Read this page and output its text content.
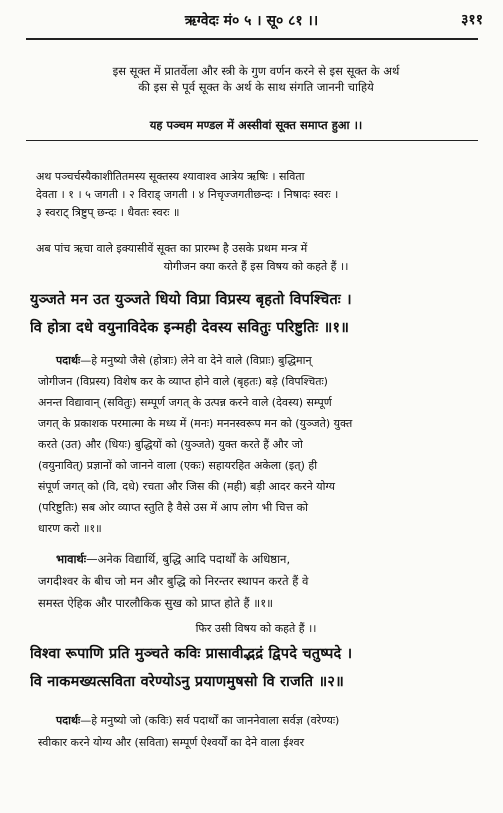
ऋग्वेदः मं० ५ । सू० ८१ ।।	३११
इस सूक्त में प्रातर्वेला और स्त्री के गुण वर्णन करने से इस सूक्त के अर्थ
की इस से पूर्व सूक्त के अर्थ के साथ संगति जाननी चाहिये
यह पञ्चम मण्डल में अस्सीवां सूक्त समाप्त हुआ ।।
अथ पञ्चर्चस्यैकाशीतितमस्य सूक्तस्य श्यावाश्व आत्रेय ऋषिः । सविता
देवता । १ । ५ जगती । २ विराड् जगती । ४ निचृज्जगतीछन्दः । निषादः स्वरः ।
३ स्वराट् त्रिष्टुप् छन्दः । धैवतः स्वरः ॥
अब पांच ऋचा वाले इक्यासीवें सूक्त का प्रारम्भ है उसके प्रथम मन्त्र में
योगीजन क्या करते हैं इस विषय को कहते हैं ।।
युञ्जते मन उत युञ्जते धियो विप्रा विप्रस्य बृहतो विपश्चितः ।
वि होत्रा दधे वयुनाविदेक इन्मही देवस्य सवितुः परिष्टुतिः ॥१॥
पदार्थः—हे मनुष्यो जैसे (होत्राः) लेने वा देने वाले (विप्राः) बुद्धिमान्
जोगीजन (विप्रस्य) विशेष कर के व्याप्त होने वाले (बृहतः) बड़े (विपश्चितः)
अनन्त विद्यावान् (सवितुः) सम्पूर्ण जगत् के उत्पन्न करने वाले (देवस्य) सम्पूर्ण
जगत् के प्रकाशक परमात्मा के मध्य में (मनः) मननस्वरूप मन को (युञ्जते) युक्त
करते (उत) और (धियः) बुद्धियों को (युञ्जते) युक्त करते हैं और जो
(वयुनावित्) प्रज्ञानों को जानने वाला (एकः) सहायरहित अकेला (इत्) ही
संपूर्ण जगत् को (वि, दधे) रचता और जिस की (मही) बड़ी आदर करने योग्य
(परिष्टुतिः) सब ओर व्याप्त स्तुति है वैसे उस में आप लोग भी चित्त को
धारण करो ॥१॥
भावार्थः—अनेक विद्यार्थि, बुद्धि आदि पदार्थों के अधिष्ठान,
जगदीश्वर के बीच जो मन और बुद्धि को निरन्तर स्थापन करते हैं वे
समस्त ऐहिक और पारलौकिक सुख को प्राप्त होते हैं ॥१॥
फिर उसी विषय को कहते हैं ।।
विश्वा रूपाणि प्रति मुञ्चते कविः प्रासावीद्भद्रं द्विपदे चतुष्पदे ।
वि नाकमख्यत्सविता वरेण्योऽनु प्रयाणमुषसो वि राजति ॥२॥
पदार्थः—हे मनुष्यो जो (कविः) सर्व पदार्थों का जाननेवाला सर्वज्ञ (वरेण्यः)
स्वीकार करने योग्य और (सविता) सम्पूर्ण ऐश्वर्यों का देने वाला ईश्वर
